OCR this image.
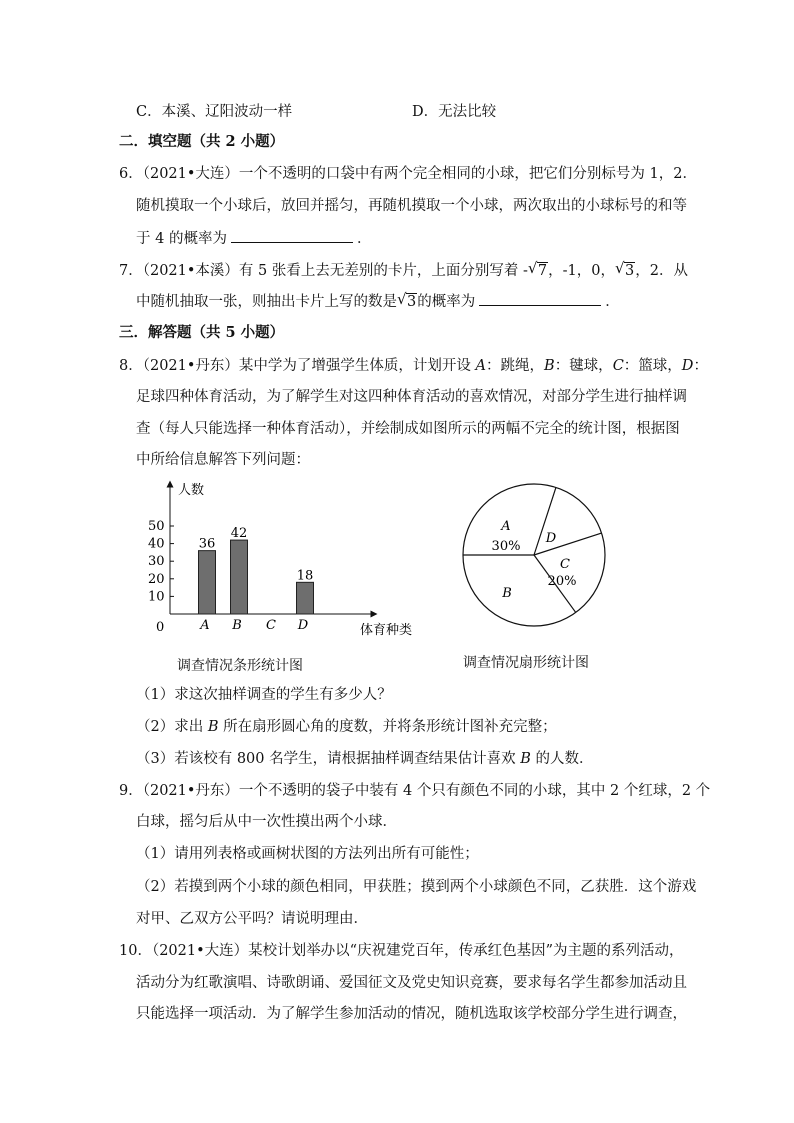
C．本溪、辽阳波动一样	D．无法比较
二．填空题（共 2 小题）
6．（2021•大连）一个不透明的口袋中有两个完全相同的小球，把它们分别标号为 1，2．
随机摸取一个小球后，放回并摇匀，再随机摸取一个小球，两次取出的小球标号的和等
于 4 的概率为	．
7．（2021•本溪）有 5 张看上去无差别的卡片，上面分别写着 - √ 7，-1，0， √ 3，2．从
中随机抽取一张，则抽出卡片上写的数是 √ 3的概率为	．
三．解答题（共 5 小题）
8．（2021•丹东）某中学为了增强学生体质，计划开设 A：跳绳，B：毽球，C：篮球，D：
足球四种体育活动，为了解学生对这四种体育活动的喜欢情况，对部分学生进行抽样调
查（每人只能选择一种体育活动），并绘制成如图所示的两幅不完全的统计图，根据图
中所给信息解答下列问题：
人数
体育种类
0
10
20
30
40
50
36
A
42
B C
18
D
调查情况条形统计图
A
30%
D
C
20%
B
调查情况扇形统计图
（1）求这次抽样调查的学生有多少人？
（2）求出 B 所在扇形圆心角的度数，并将条形统计图补充完整；
（3）若该校有 800 名学生，请根据抽样调查结果估计喜欢 B 的人数．
9．（2021•丹东）一个不透明的袋子中装有 4 个只有颜色不同的小球，其中 2 个红球，2 个
白球，摇匀后从中一次性摸出两个小球．
（1）请用列表格或画树状图的方法列出所有可能性；
（2）若摸到两个小球的颜色相同，甲获胜；摸到两个小球颜色不同，乙获胜．这个游戏
对甲、乙双方公平吗？请说明理由．
10．（2021•大连）某校计划举办以“庆祝建党百年，传承红色基因”为主题的系列活动，
活动分为红歌演唱、诗歌朗诵、爱国征文及党史知识竞赛，要求每名学生都参加活动且
只能选择一项活动．为了解学生参加活动的情况，随机选取该学校部分学生进行调查，
